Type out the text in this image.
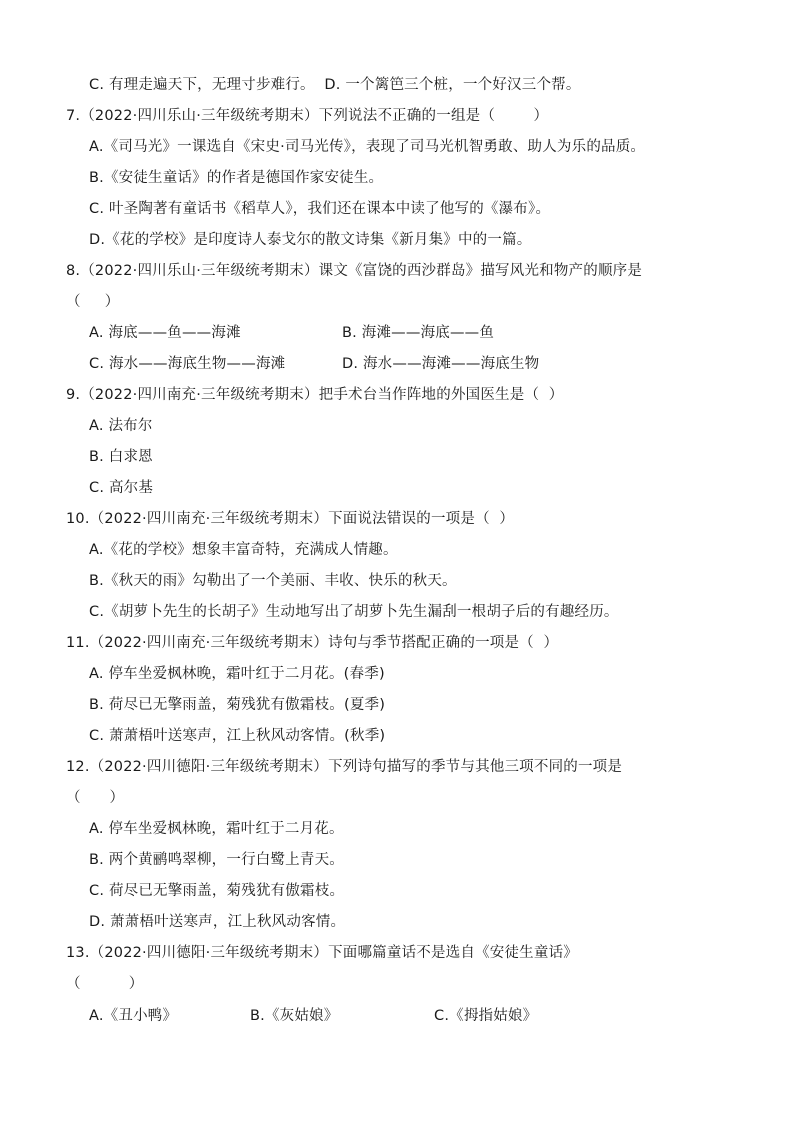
C. 有理走遍天下，无理寸步难行。  D. 一个篱笆三个桩，一个好汉三个帮。
7.（2022·四川乐山·三年级统考期末）下列说法不正确的一组是（        ）
A.《司马光》一课选自《宋史·司马光传》，表现了司马光机智勇敢、助人为乐的品质。
B.《安徒生童话》的作者是德国作家安徒生。
C. 叶圣陶著有童话书《稻草人》，我们还在课本中读了他写的《瀑布》。
D.《花的学校》是印度诗人泰戈尔的散文诗集《新月集》中的一篇。
8.（2022·四川乐山·三年级统考期末）课文《富饶的西沙群岛》描写风光和物产的顺序是
（     ）
A. 海底——鱼——海滩	B. 海滩——海底——鱼
C. 海水——海底生物——海滩	D. 海水——海滩——海底生物
9.（2022·四川南充·三年级统考期末）把手术台当作阵地的外国医生是（  ）
A. 法布尔
B. 白求恩
C. 高尔基
10.（2022·四川南充·三年级统考期末）下面说法错误的一项是（  ）
A.《花的学校》想象丰富奇特，充满成人情趣。
B.《秋天的雨》勾勒出了一个美丽、丰收、快乐的秋天。
C.《胡萝卜先生的长胡子》生动地写出了胡萝卜先生漏刮一根胡子后的有趣经历。
11.（2022·四川南充·三年级统考期末）诗句与季节搭配正确的一项是（  ）
A. 停车坐爱枫林晚，霜叶红于二月花。(春季)
B. 荷尽已无擎雨盖，菊残犹有傲霜枝。(夏季)
C. 萧萧梧叶送寒声，江上秋风动客情。(秋季)
12.（2022·四川德阳·三年级统考期末）下列诗句描写的季节与其他三项不同的一项是
（      ）
A. 停车坐爱枫林晚，霜叶红于二月花。
B. 两个黄鹂鸣翠柳，一行白鹭上青天。
C. 荷尽已无擎雨盖，菊残犹有傲霜枝。
D. 萧萧梧叶送寒声，江上秋风动客情。
13.（2022·四川德阳·三年级统考期末）下面哪篇童话不是选自《安徒生童话》
（          ）
A.《丑小鸭》	B.《灰姑娘》	C.《拇指姑娘》
